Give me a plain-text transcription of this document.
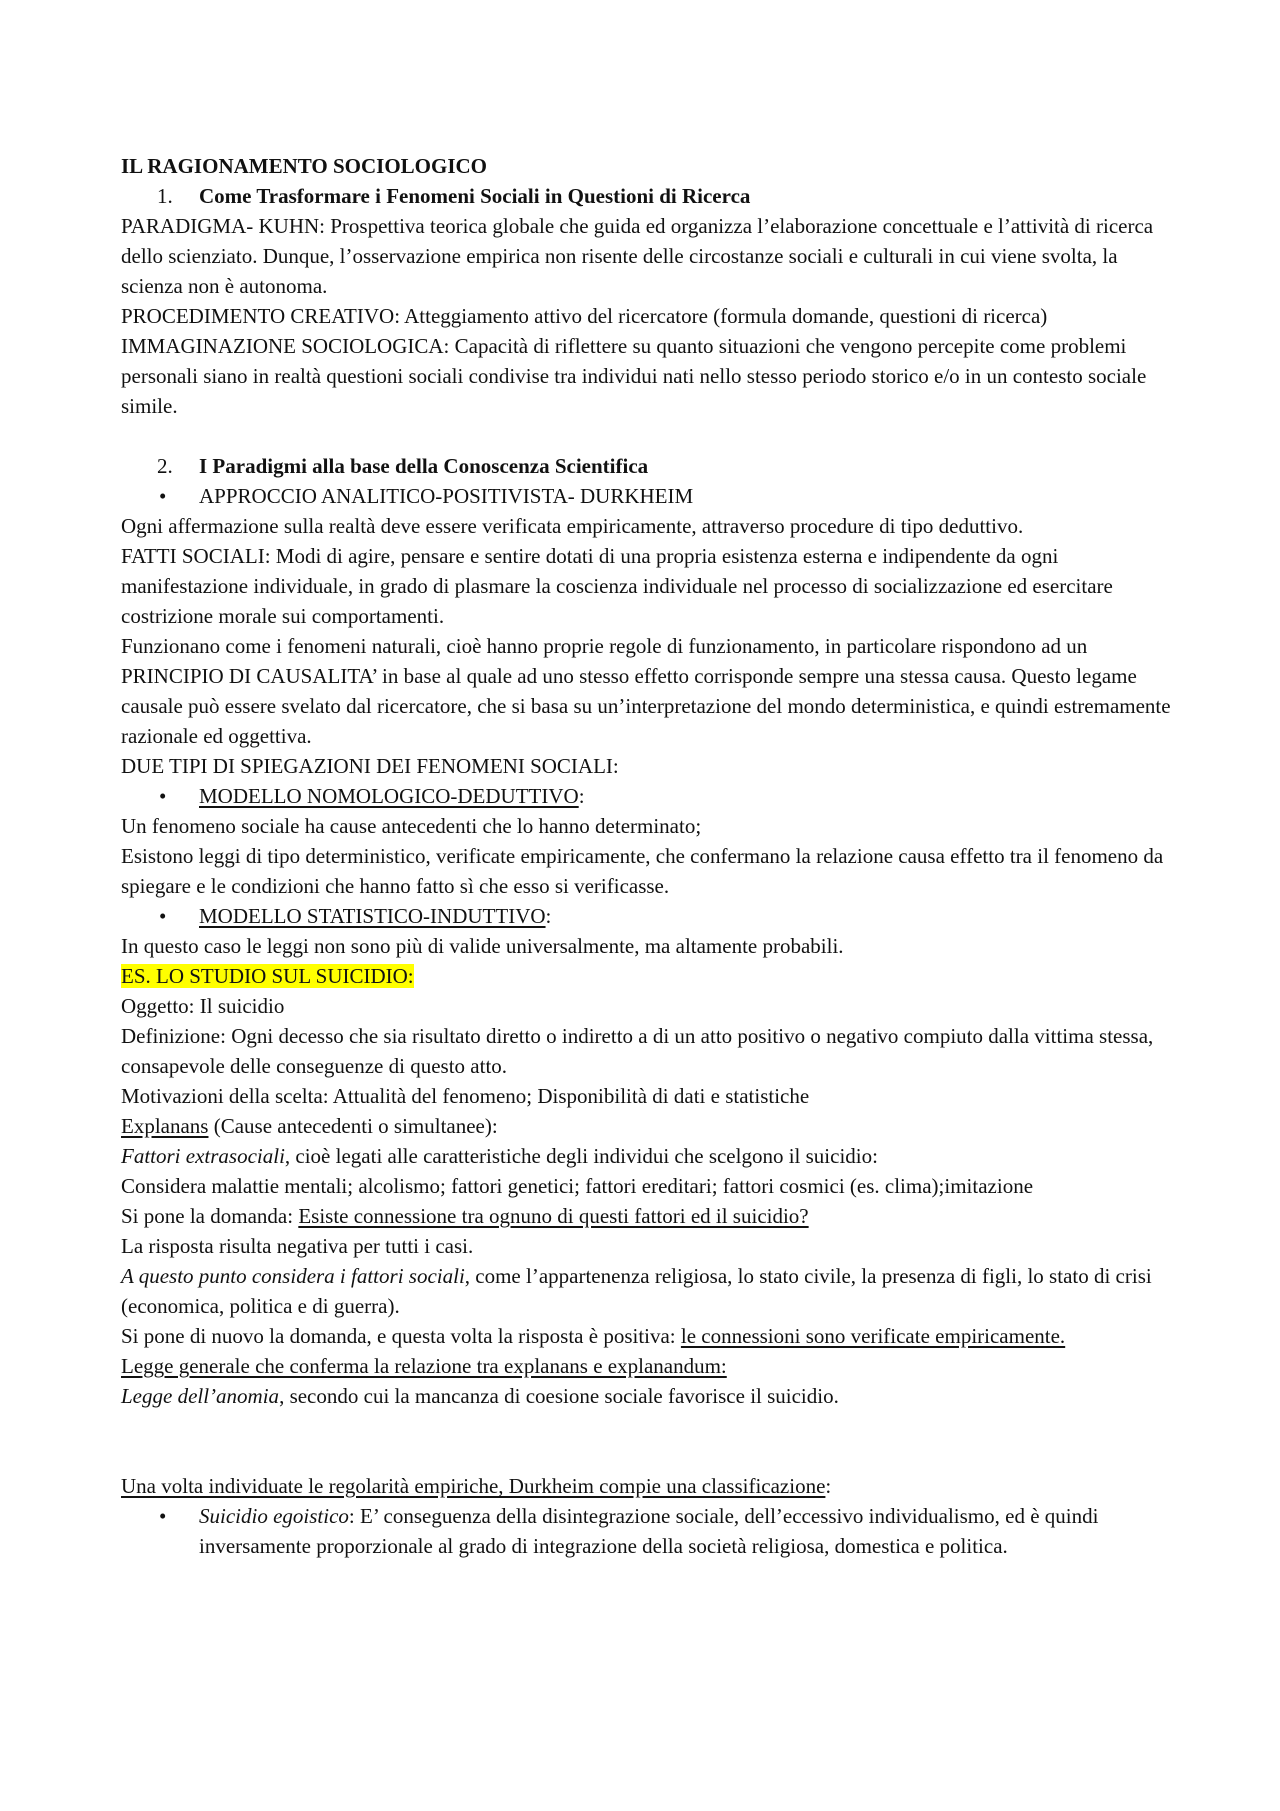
IL RAGIONAMENTO SOCIOLOGICO

1.	Come Trasformare i Fenomeni Sociali in Questioni di Ricerca

PARADIGMA- KUHN: Prospettiva teorica globale che guida ed organizza l’elaborazione concettuale e l’attività di ricerca dello scienziato. Dunque, l’osservazione empirica non risente delle circostanze sociali e culturali in cui viene svolta, la scienza non è autonoma.

PROCEDIMENTO CREATIVO: Atteggiamento attivo del ricercatore (formula domande, questioni di ricerca)

IMMAGINAZIONE SOCIOLOGICA: Capacità di riflettere su quanto situazioni che vengono percepite come problemi personali siano in realtà questioni sociali condivise tra individui nati nello stesso periodo storico e/o in un contesto sociale simile.

2.	I Paradigmi alla base della Conoscenza Scientifica

•	APPROCCIO ANALITICO-POSITIVISTA- DURKHEIM

Ogni affermazione sulla realtà deve essere verificata empiricamente, attraverso procedure di tipo deduttivo.

FATTI SOCIALI: Modi di agire, pensare e sentire dotati di una propria esistenza esterna e indipendente da ogni manifestazione individuale, in grado di plasmare la coscienza individuale nel processo di socializzazione ed esercitare costrizione morale sui comportamenti.

Funzionano come i fenomeni naturali, cioè hanno proprie regole di funzionamento, in particolare rispondono ad un PRINCIPIO DI CAUSALITA’ in base al quale ad uno stesso effetto corrisponde sempre una stessa causa. Questo legame causale può essere svelato dal ricercatore, che si basa su un’interpretazione del mondo deterministica, e quindi estremamente razionale ed oggettiva.

DUE TIPI DI SPIEGAZIONI DEI FENOMENI SOCIALI:

•	MODELLO NOMOLOGICO-DEDUTTIVO:

Un fenomeno sociale ha cause antecedenti che lo hanno determinato;

Esistono leggi di tipo deterministico, verificate empiricamente, che confermano la relazione causa effetto tra il fenomeno da spiegare e le condizioni che hanno fatto sì che esso si verificasse.

•	MODELLO STATISTICO-INDUTTIVO:

In questo caso le leggi non sono più di valide universalmente, ma altamente probabili.

ES. LO STUDIO SUL SUICIDIO:

Oggetto: Il suicidio

Definizione: Ogni decesso che sia risultato diretto o indiretto a di un atto positivo o negativo compiuto dalla vittima stessa, consapevole delle conseguenze di questo atto.

Motivazioni della scelta: Attualità del fenomeno; Disponibilità di dati e statistiche

Explanans (Cause antecedenti o simultanee):

Fattori extrasociali, cioè legati alle caratteristiche degli individui che scelgono il suicidio:

Considera malattie mentali; alcolismo; fattori genetici; fattori ereditari; fattori cosmici (es. clima);imitazione

Si pone la domanda: Esiste connessione tra ognuno di questi fattori ed il suicidio?

La risposta risulta negativa per tutti i casi.

A questo punto considera i fattori sociali, come l’appartenenza religiosa, lo stato civile, la presenza di figli, lo stato di crisi (economica, politica e di guerra).

Si pone di nuovo la domanda, e questa volta la risposta è positiva: le connessioni sono verificate empiricamente.

Legge generale che conferma la relazione tra explanans e explanandum:

Legge dell’anomia, secondo cui la mancanza di coesione sociale favorisce il suicidio.

Una volta individuate le regolarità empiriche, Durkheim compie una classificazione:

•	Suicidio egoistico: E’ conseguenza della disintegrazione sociale, dell’eccessivo individualismo, ed è quindi inversamente proporzionale al grado di integrazione della società religiosa, domestica e politica.
